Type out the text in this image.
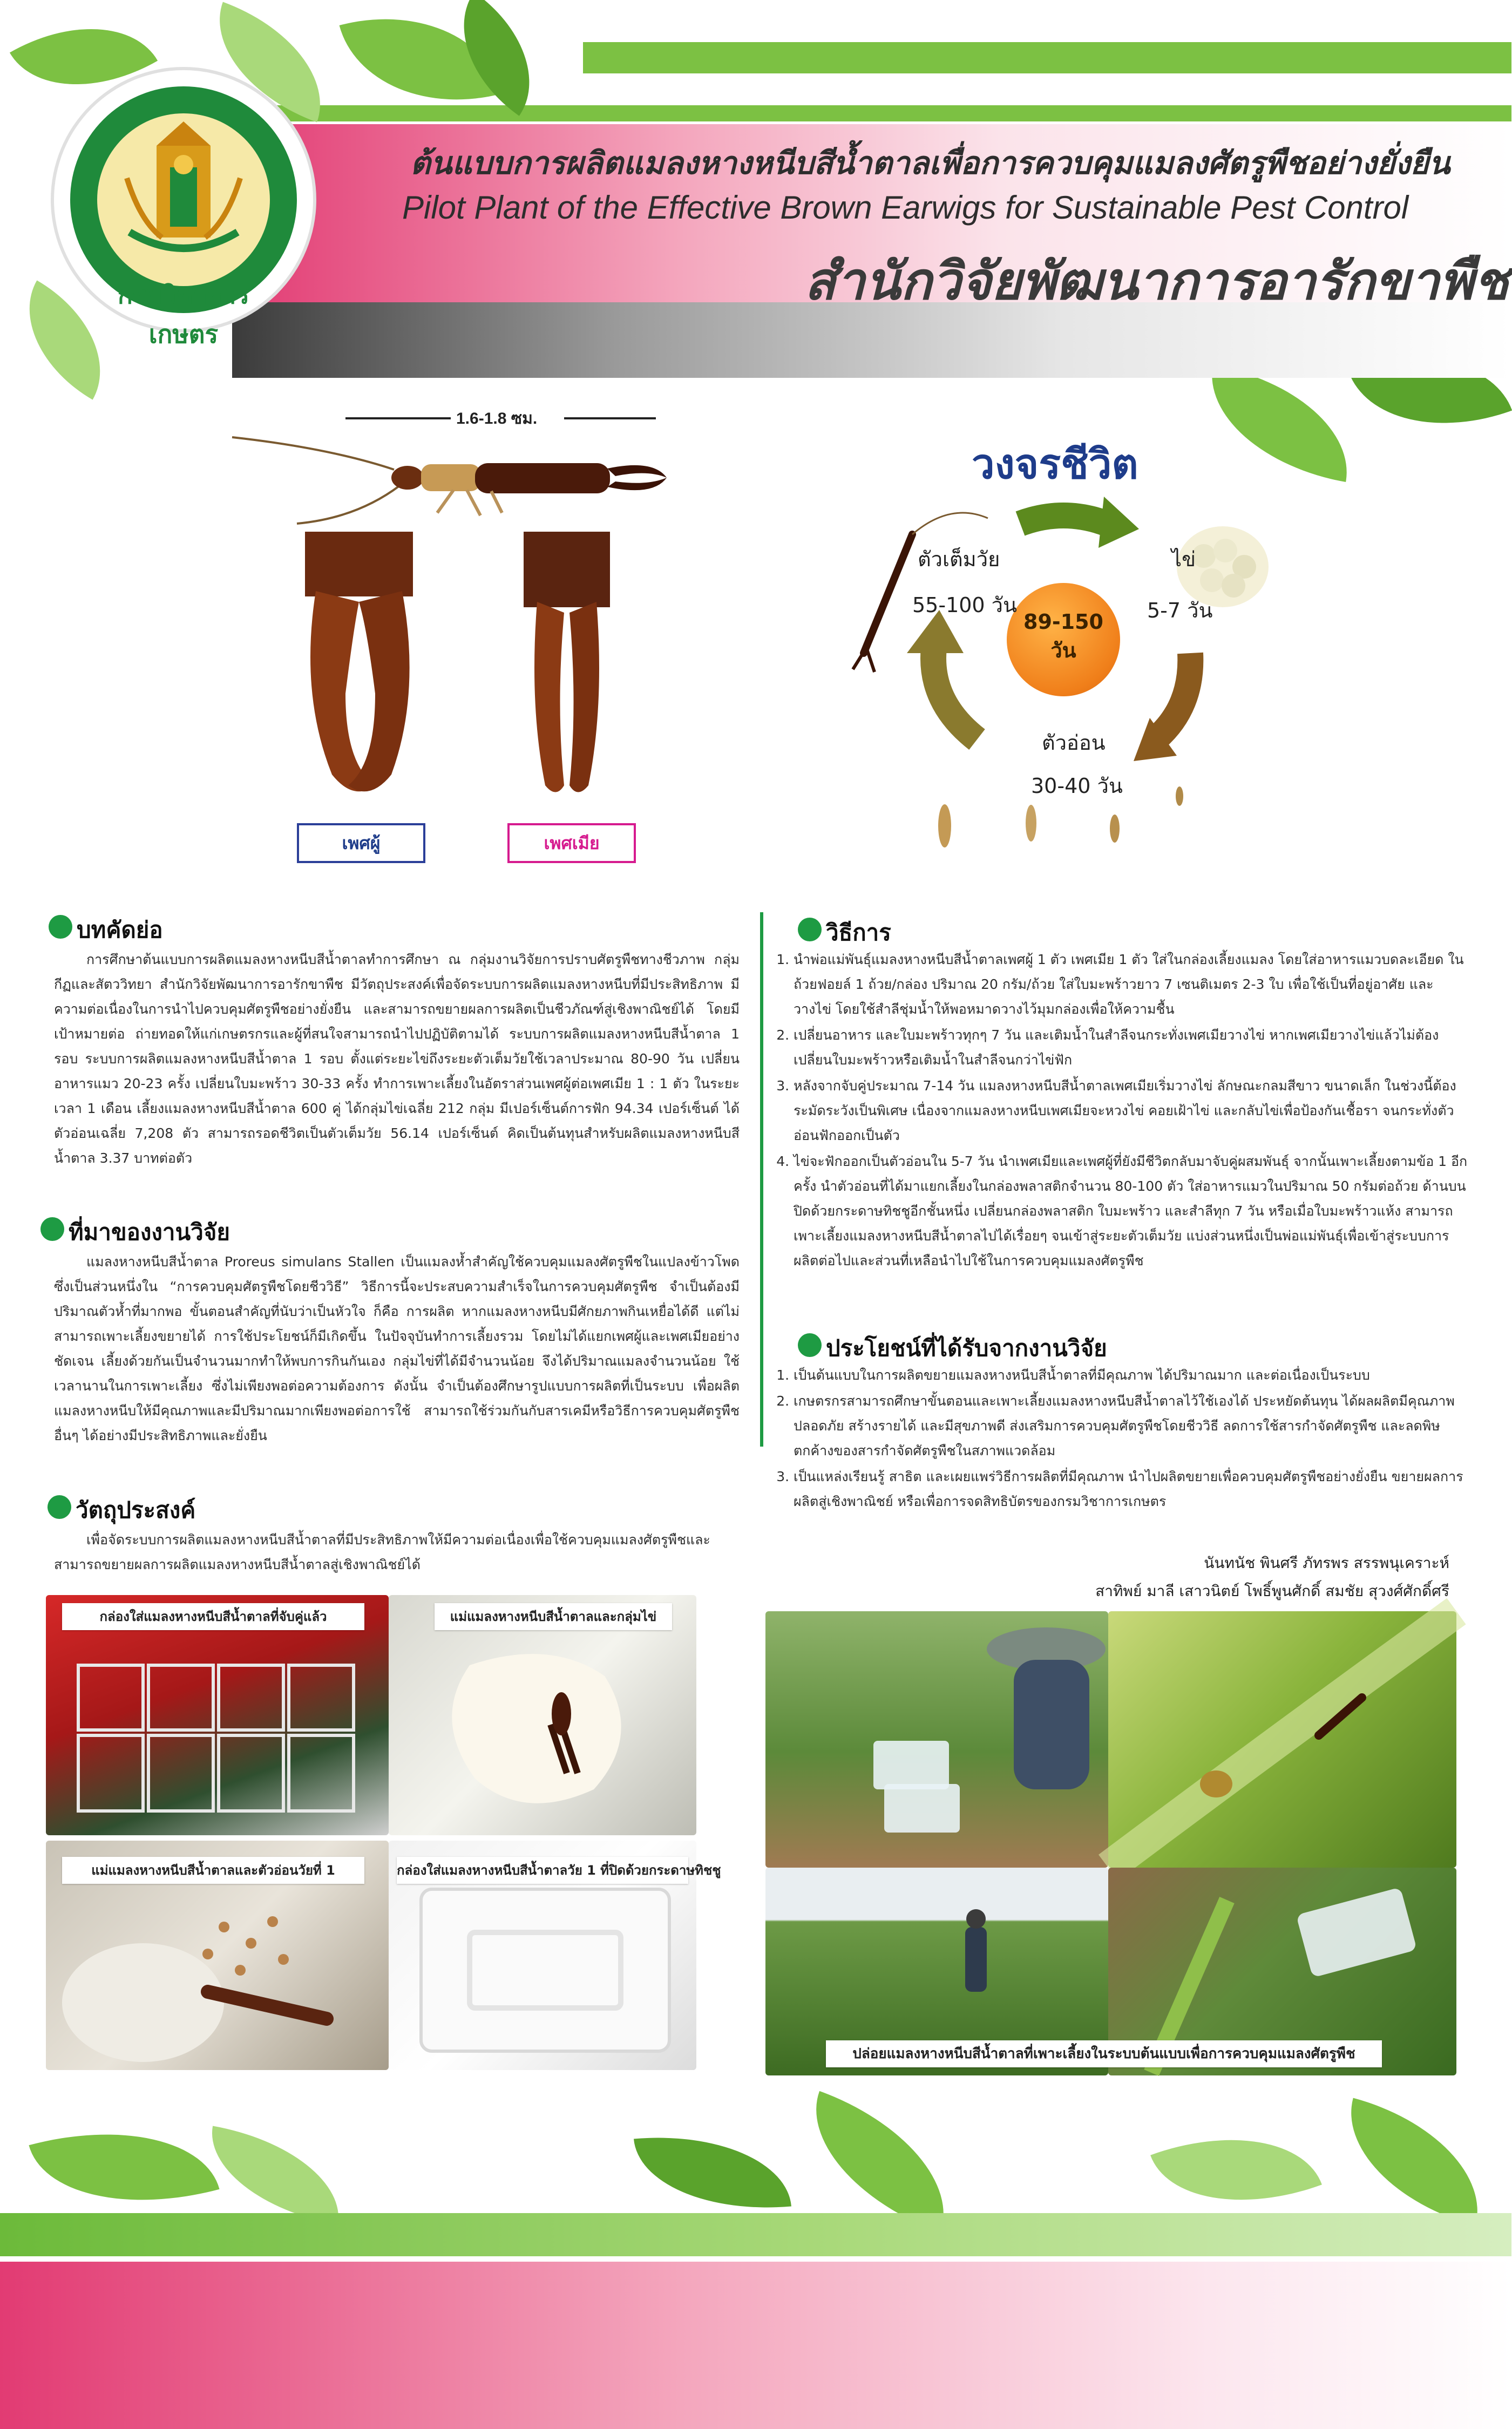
กรมวิชาการเกษตร
ต้นแบบการผลิตแมลงหางหนีบสีน้ำตาลเพื่อการควบคุมแมลงศัตรูพืชอย่างยั่งยืน
Pilot Plant of the Effective Brown Earwigs for Sustainable Pest Control
สำนักวิจัยพัฒนาการอารักขาพืช
1.6-1.8 ซม.
เพศผู้	เพศเมีย
วงจรชีวิต
89-150
วัน
ตัวเต็มวัย
55-100 วัน
ไข่
5-7 วัน
ตัวอ่อน
30-40 วัน
บทคัดย่อ
การศึกษาต้นแบบการผลิตแมลงหางหนีบสีน้ำตาลทำการศึกษา ณ กลุ่มงานวิจัยการปราบศัตรูพืชทางชีวภาพ กลุ่มกีฏและสัตววิทยา สำนักวิจัยพัฒนาการอารักขาพืช มีวัตถุประสงค์เพื่อจัดระบบการผลิตแมลงหางหนีบที่มีประสิทธิภาพ มีความต่อเนื่องในการนำไปควบคุมศัตรูพืชอย่างยั่งยืน และสามารถขยายผลการผลิตเป็นชีวภัณฑ์สู่เชิงพาณิชย์ได้ โดยมีเป้าหมายต่อ ถ่ายทอดให้แก่เกษตรกรและผู้ที่สนใจสามารถนำไปปฏิบัติตามได้ ระบบการผลิตแมลงหางหนีบสีน้ำตาล 1 รอบ ระบบการผลิตแมลงหางหนีบสีน้ำตาล 1 รอบ ตั้งแต่ระยะไข่ถึงระยะตัวเต็มวัยใช้เวลาประมาณ 80-90 วัน เปลี่ยนอาหารแมว 20-23 ครั้ง เปลี่ยนใบมะพร้าว 30-33 ครั้ง ทำการเพาะเลี้ยงในอัตราส่วนเพศผู้ต่อเพศเมีย 1 : 1 ตัว ในระยะเวลา 1 เดือน เลี้ยงแมลงหางหนีบสีน้ำตาล 600 คู่ ได้กลุ่มไข่เฉลี่ย 212 กลุ่ม มีเปอร์เซ็นต์การฟัก 94.34 เปอร์เซ็นต์ ได้ตัวอ่อนเฉลี่ย 7,208 ตัว สามารถรอดชีวิตเป็นตัวเต็มวัย 56.14 เปอร์เซ็นต์ คิดเป็นต้นทุนสำหรับผลิตแมลงหางหนีบสีน้ำตาล 3.37 บาทต่อตัว
ที่มาของงานวิจัย
แมลงหางหนีบสีน้ำตาล Proreus simulans Stallen เป็นแมลงห้ำสำคัญใช้ควบคุมแมลงศัตรูพืชในแปลงข้าวโพด ซึ่งเป็นส่วนหนึ่งใน “การควบคุมศัตรูพืชโดยชีววิธี” วิธีการนี้จะประสบความสำเร็จในการควบคุมศัตรูพืช จำเป็นต้องมีปริมาณตัวห้ำที่มากพอ ขั้นตอนสำคัญที่นับว่าเป็นหัวใจ ก็คือ การผลิต หากแมลงหางหนีบมีศักยภาพกินเหยื่อได้ดี แต่ไม่สามารถเพาะเลี้ยงขยายได้ การใช้ประโยชน์ก็มีเกิดขึ้น ในปัจจุบันทำการเลี้ยงรวม โดยไม่ได้แยกเพศผู้และเพศเมียอย่างชัดเจน เลี้ยงด้วยกันเป็นจำนวนมากทำให้พบการกินกันเอง กลุ่มไข่ที่ได้มีจำนวนน้อย จึงได้ปริมาณแมลงจำนวนน้อย ใช้เวลานานในการเพาะเลี้ยง ซึ่งไม่เพียงพอต่อความต้องการ ดังนั้น จำเป็นต้องศึกษารูปแบบการผลิตที่เป็นระบบ เพื่อผลิตแมลงหางหนีบให้มีคุณภาพและมีปริมาณมากเพียงพอต่อการใช้ สามารถใช้ร่วมกันกับสารเคมีหรือวิธีการควบคุมศัตรูพืชอื่นๆ ได้อย่างมีประสิทธิภาพและยั่งยืน
วัตถุประสงค์
เพื่อจัดระบบการผลิตแมลงหางหนีบสีน้ำตาลที่มีประสิทธิภาพให้มีความต่อเนื่องเพื่อใช้ควบคุมแมลงศัตรูพืชและสามารถขยายผลการผลิตแมลงหางหนีบสีน้ำตาลสู่เชิงพาณิชย์ได้
วิธีการ
1. นำพ่อแม่พันธุ์แมลงหางหนีบสีน้ำตาลเพศผู้ 1 ตัว เพศเมีย 1 ตัว ใส่ในกล่องเลี้ยงแมลง โดยใส่อาหารแมวบดละเอียด ในถ้วยฟอยล์ 1 ถ้วย/กล่อง ปริมาณ 20 กรัม/ถ้วย ใส่ใบมะพร้าวยาว 7 เซนติเมตร 2-3 ใบ เพื่อใช้เป็นที่อยู่อาศัย และวางไข่ โดยใช้สำลีชุ่มน้ำให้พอหมาดวางไว้มุมกล่องเพื่อให้ความชื้น
2. เปลี่ยนอาหาร และใบมะพร้าวทุกๆ 7 วัน และเติมน้ำในสำลีจนกระทั่งเพศเมียวางไข่ หากเพศเมียวางไข่แล้วไม่ต้องเปลี่ยนใบมะพร้าวหรือเติมน้ำในสำลีจนกว่าไข่ฟัก
3. หลังจากจับคู่ประมาณ 7-14 วัน แมลงหางหนีบสีน้ำตาลเพศเมียเริ่มวางไข่ ลักษณะกลมสีขาว ขนาดเล็ก ในช่วงนี้ต้องระมัดระวังเป็นพิเศษ เนื่องจากแมลงหางหนีบเพศเมียจะหวงไข่ คอยเฝ้าไข่ และกลับไข่เพื่อป้องกันเชื้อรา จนกระทั่งตัวอ่อนฟักออกเป็นตัว
4. ไข่จะฟักออกเป็นตัวอ่อนใน 5-7 วัน นำเพศเมียและเพศผู้ที่ยังมีชีวิตกลับมาจับคู่ผสมพันธุ์ จากนั้นเพาะเลี้ยงตามข้อ 1 อีกครั้ง นำตัวอ่อนที่ได้มาแยกเลี้ยงในกล่องพลาสติกจำนวน 80-100 ตัว ใส่อาหารแมวในปริมาณ 50 กรัมต่อถ้วย ด้านบนปิดด้วยกระดาษทิชชูอีกชั้นหนึ่ง เปลี่ยนกล่องพลาสติก ใบมะพร้าว และสำลีทุก 7 วัน หรือเมื่อใบมะพร้าวแห้ง สามารถเพาะเลี้ยงแมลงหางหนีบสีน้ำตาลไปได้เรื่อยๆ จนเข้าสู่ระยะตัวเต็มวัย แบ่งส่วนหนึ่งเป็นพ่อแม่พันธุ์เพื่อเข้าสู่ระบบการผลิตต่อไปและส่วนที่เหลือนำไปใช้ในการควบคุมแมลงศัตรูพืช
ประโยชน์ที่ได้รับจากงานวิจัย
1. เป็นต้นแบบในการผลิตขยายแมลงหางหนีบสีน้ำตาลที่มีคุณภาพ ได้ปริมาณมาก และต่อเนื่องเป็นระบบ
2. เกษตรกรสามารถศึกษาขั้นตอนและเพาะเลี้ยงแมลงหางหนีบสีน้ำตาลไว้ใช้เองได้ ประหยัดต้นทุน ได้ผลผลิตมีคุณภาพ ปลอดภัย สร้างรายได้ และมีสุขภาพดี ส่งเสริมการควบคุมศัตรูพืชโดยชีววิธี ลดการใช้สารกำจัดศัตรูพืช และลดพิษตกค้างของสารกำจัดศัตรูพืชในสภาพแวดล้อม
3. เป็นแหล่งเรียนรู้ สาธิต และเผยแพร่วิธีการผลิตที่มีคุณภาพ นำไปผลิตขยายเพื่อควบคุมศัตรูพืชอย่างยั่งยืน ขยายผลการผลิตสู่เชิงพาณิชย์ หรือเพื่อการจดสิทธิบัตรของกรมวิชาการเกษตร
นันทนัช พินศรี ภัทรพร สรรพนุเคราะห์
สาทิพย์ มาลี เสาวนิตย์ โพธิ์พูนศักดิ์ สมชัย สุวงศ์ศักดิ์ศรี
กล่องใส่แมลงหางหนีบสีน้ำตาลที่จับคู่แล้ว	แม่แมลงหางหนีบสีน้ำตาลและกลุ่มไข่
แม่แมลงหางหนีบสีน้ำตาลและตัวอ่อนวัยที่ 1	กล่องใส่แมลงหางหนีบสีน้ำตาลวัย 1 ที่ปิดด้วยกระดาษทิชชู
ปล่อยแมลงหางหนีบสีน้ำตาลที่เพาะเลี้ยงในระบบต้นแบบเพื่อการควบคุมแมลงศัตรูพืช
